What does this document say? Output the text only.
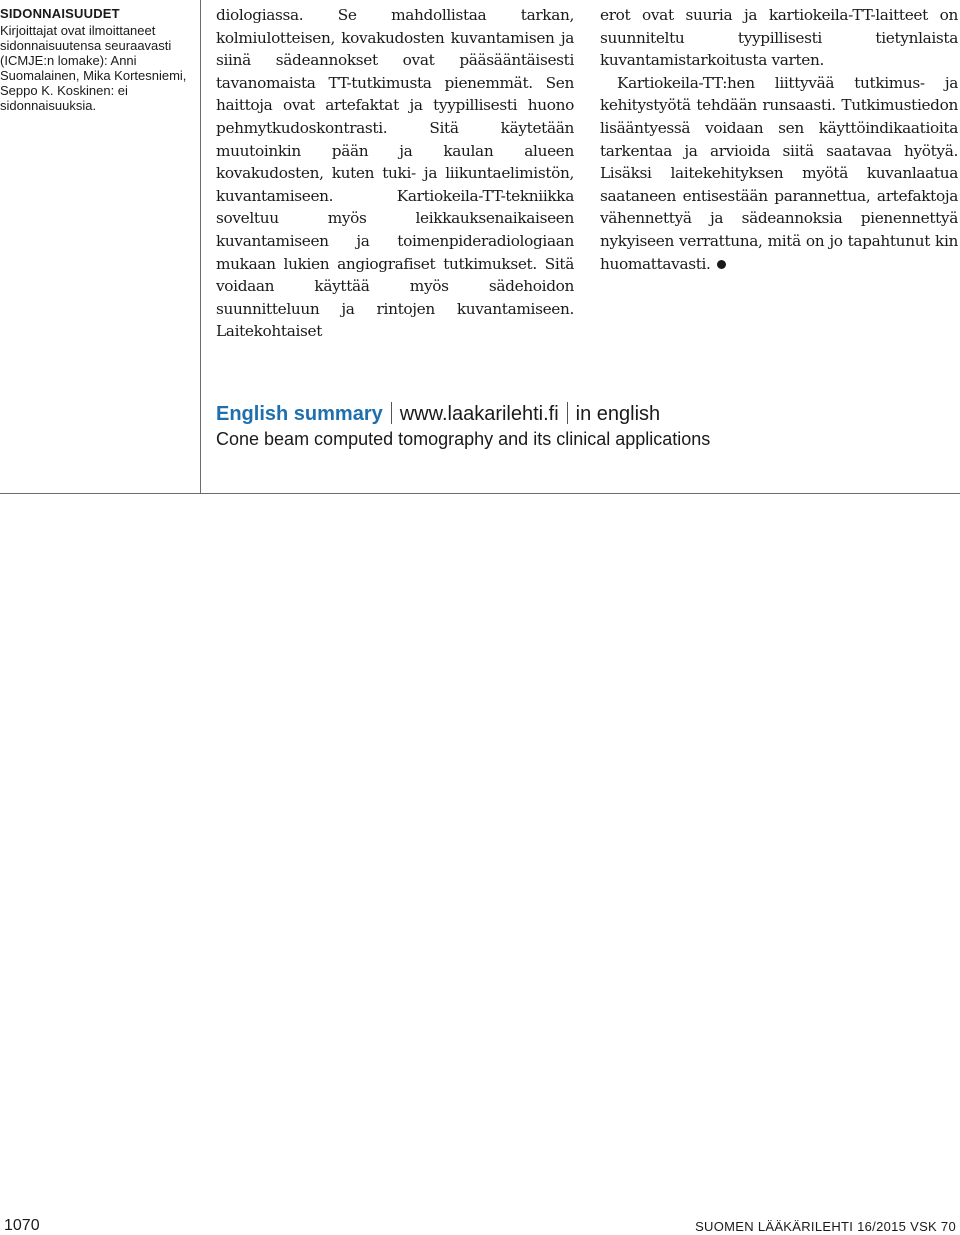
SIDONNAISUUDET

Kirjoittajat ovat ilmoittaneet sidonnaisuutensa seuraavasti (ICMJE:n lomake): Anni Suomalainen, Mika Kortesniemi, Seppo K. Koskinen: ei sidonnaisuuksia.

diologiassa. Se mahdollistaa tarkan, kolmiulotteisen, kovakudosten kuvantamisen ja siinä sädeannokset ovat pääsääntäisesti tavanomaista TT-tutkimusta pienemmät. Sen haittoja ovat artefaktat ja tyypillisesti huono pehmytkudoskontrasti. Sitä käytetään muutoinkin pään ja kaulan alueen kovakudosten, kuten tuki- ja liikuntaelimistön, kuvantamiseen. Kartiokeila-TT-tekniikka soveltuu myös leikkauksenaikaiseen kuvantamiseen ja toimenpideradiologiaan mukaan lukien angiografiset tutkimukset. Sitä voidaan käyttää myös sädehoidon suunnitteluun ja rintojen kuvantamiseen. Laitekohtaiset

erot ovat suuria ja kartiokeila-TT-laitteet on suunniteltu tyypillisesti tietynlaista kuvantamistarkoitusta varten.

Kartiokeila-TT:hen liittyvää tutkimus- ja kehitystyötä tehdään runsaasti. Tutkimustiedon lisääntyessä voidaan sen käyttöindikaatioita tarkentaa ja arvioida siitä saatavaa hyötyä. Lisäksi laitekehityksen myötä kuvanlaatua saataneen entisestään parannettua, artefaktoja vähennettyä ja sädeannoksia pienennettyä nykyiseen verrattuna, mitä on jo tapahtunut kin huomattavasti.

English summary www.laakarilehti.fi in english
Cone beam computed tomography and its clinical applications
1070	SUOMEN LÄÄKÄRILEHTI 16/2015 VSK 70
